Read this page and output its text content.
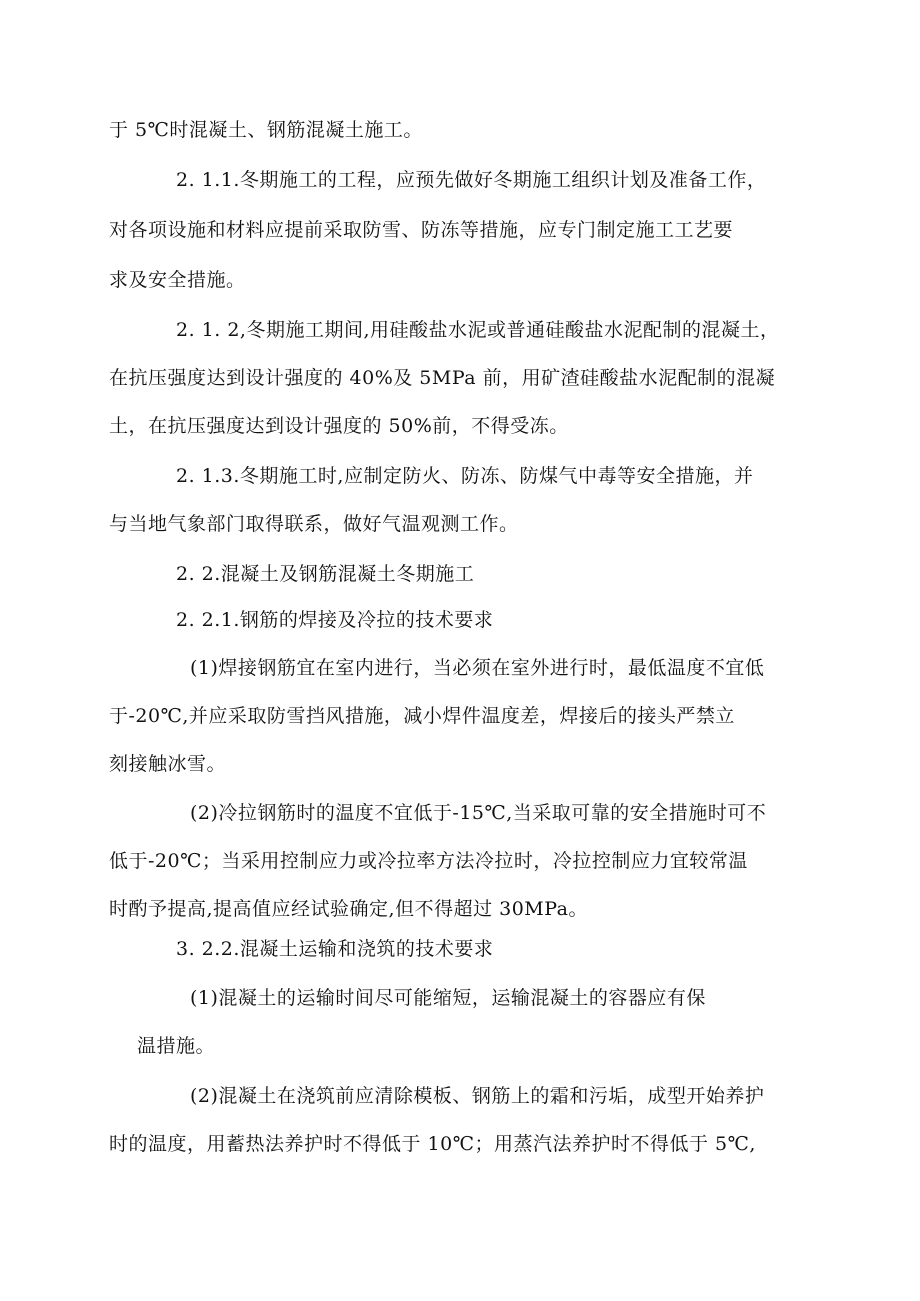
于 5℃时混凝土、钢筋混凝土施工。
2. 1.1.冬期施工的工程，应预先做好冬期施工组织计划及准备工作，
对各项设施和材料应提前采取防雪、防冻等措施，应专门制定施工工艺要
求及安全措施。
2. 1. 2,冬期施工期间,用硅酸盐水泥或普通硅酸盐水泥配制的混凝土，
在抗压强度达到设计强度的 40%及 5MPa 前，用矿渣硅酸盐水泥配制的混凝
土，在抗压强度达到设计强度的 50%前，不得受冻。
2. 1.3.冬期施工时,应制定防火、防冻、防煤气中毒等安全措施，并
与当地气象部门取得联系，做好气温观测工作。
2. 2.混凝土及钢筋混凝土冬期施工
2. 2.1.钢筋的焊接及冷拉的技术要求
(1)焊接钢筋宜在室内进行，当必须在室外进行时，最低温度不宜低
于-20℃,并应采取防雪挡风措施，减小焊件温度差，焊接后的接头严禁立
刻接触冰雪。
(2)冷拉钢筋时的温度不宜低于-15℃,当采取可靠的安全措施时可不
低于-20℃；当采用控制应力或冷拉率方法冷拉时，冷拉控制应力宜较常温
时酌予提高,提高值应经试验确定,但不得超过 30MPa。
3. 2.2.混凝土运输和浇筑的技术要求
(1)混凝土的运输时间尽可能缩短，运输混凝土的容器应有保
温措施。
(2)混凝土在浇筑前应清除模板、钢筋上的霜和污垢，成型开始养护
时的温度，用蓄热法养护时不得低于 10℃；用蒸汽法养护时不得低于 5℃,
